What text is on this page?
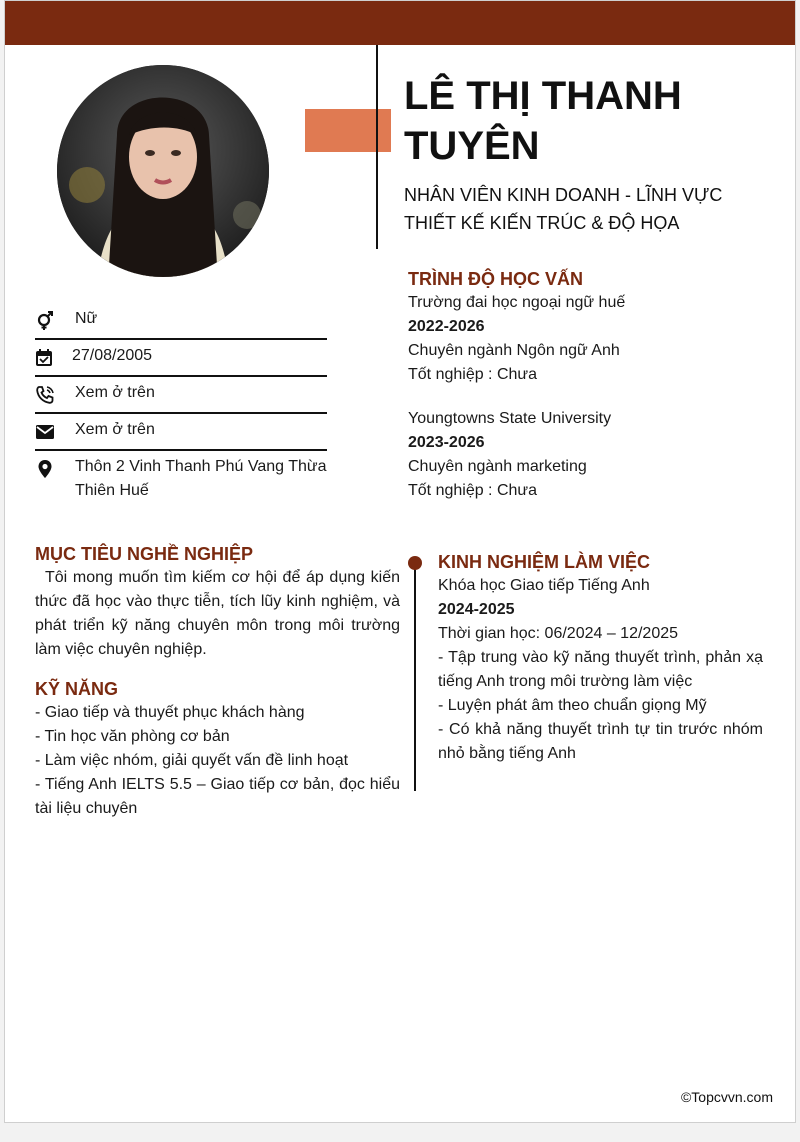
LÊ THỊ THANH TUYÊN

NHÂN VIÊN KINH DOANH - LĨNH VỰC THIẾT KẾ KIẾN TRÚC & ĐỘ HỌA

Nữ
27/08/2005
Xem ở trên
Xem ở trên
Thôn 2 Vinh Thanh Phú Vang Thừa Thiên Huế

TRÌNH ĐỘ HỌC VẤN

Trường đai học ngoại ngữ huế

2022-2026

Chuyên ngành Ngôn ngữ Anh

Tốt nghiệp : Chưa

Youngtowns State University

2023-2026

Chuyên ngành marketing

Tốt nghiệp : Chưa

MỤC TIÊU NGHỀ NGHIỆP

Tôi mong muốn tìm kiếm cơ hội để áp dụng kiến thức đã học vào thực tiễn, tích lũy kinh nghiệm, và phát triển kỹ năng chuyên môn trong môi trường làm việc chuyên nghiệp.

KỸ NĂNG

- Giao tiếp và thuyết phục khách hàng

- Tin học văn phòng cơ bản

- Làm việc nhóm, giải quyết vấn đề linh hoạt

- Tiếng Anh IELTS 5.5 – Giao tiếp cơ bản, đọc hiểu tài liệu chuyên

KINH NGHIỆM LÀM VIỆC

Khóa học Giao tiếp Tiếng Anh

2024-2025

Thời gian học: 06/2024 – 12/2025

- Tập trung vào kỹ năng thuyết trình, phản xạ tiếng Anh trong môi trường làm việc

- Luyện phát âm theo chuẩn giọng Mỹ

- Có khả năng thuyết trình tự tin trước nhóm nhỏ bằng tiếng Anh

©Topcvvn.com
